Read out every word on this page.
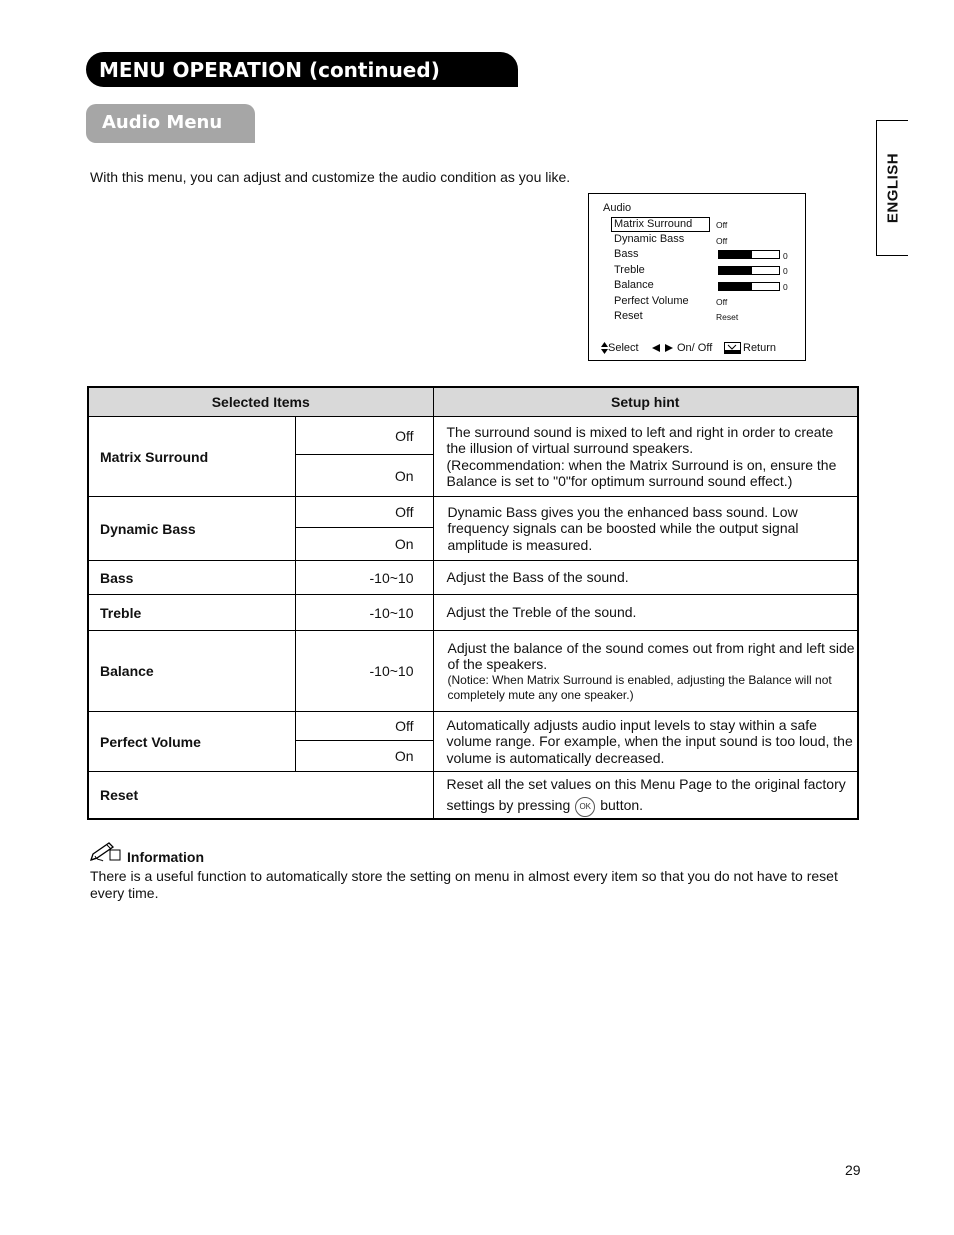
MENU OPERATION (continued)
Audio Menu
ENGLISH
With this menu, you can adjust and customize the audio condition as you like.
Audio
Matrix Surround	Off
Dynamic Bass	Off
Bass	0
Treble	0
Balance	0
Perfect Volume	Off
Reset	Reset
Select	On/ Off	Return
Selected Items		Setup hint
Matrix Surround	Off	The surround sound is mixed to left and right in order to create the illusion of virtual surround speakers.
(Recommendation: when the Matrix Surround is on, ensure the Balance is set to "0"for optimum surround sound effect.)

	On	
Dynamic Bass	Off	Dynamic Bass gives you the enhanced bass sound. Low frequency signals can be boosted while the output signal amplitude is measured.
	On	
Bass	-10~10	Adjust the Bass of the sound.
Treble	-10~10	Adjust the Treble of the sound.
Balance	-10~10	Adjust the balance of the sound comes out from right and left side of the speakers.
(Notice: When Matrix Surround is enabled, adjusting the Balance will not completely mute any one speaker.)

Perfect Volume	Off	Automatically adjusts audio input levels to stay within a safe volume range. For example, when the input sound is too loud, the volume is automatically decreased.
	On	
Reset		Reset all the set values on this Menu Page to the original factory settings by pressing OK button.
Information
There is a useful function to automatically store the setting on menu in almost every item so that you do not have to reset every time.
29
